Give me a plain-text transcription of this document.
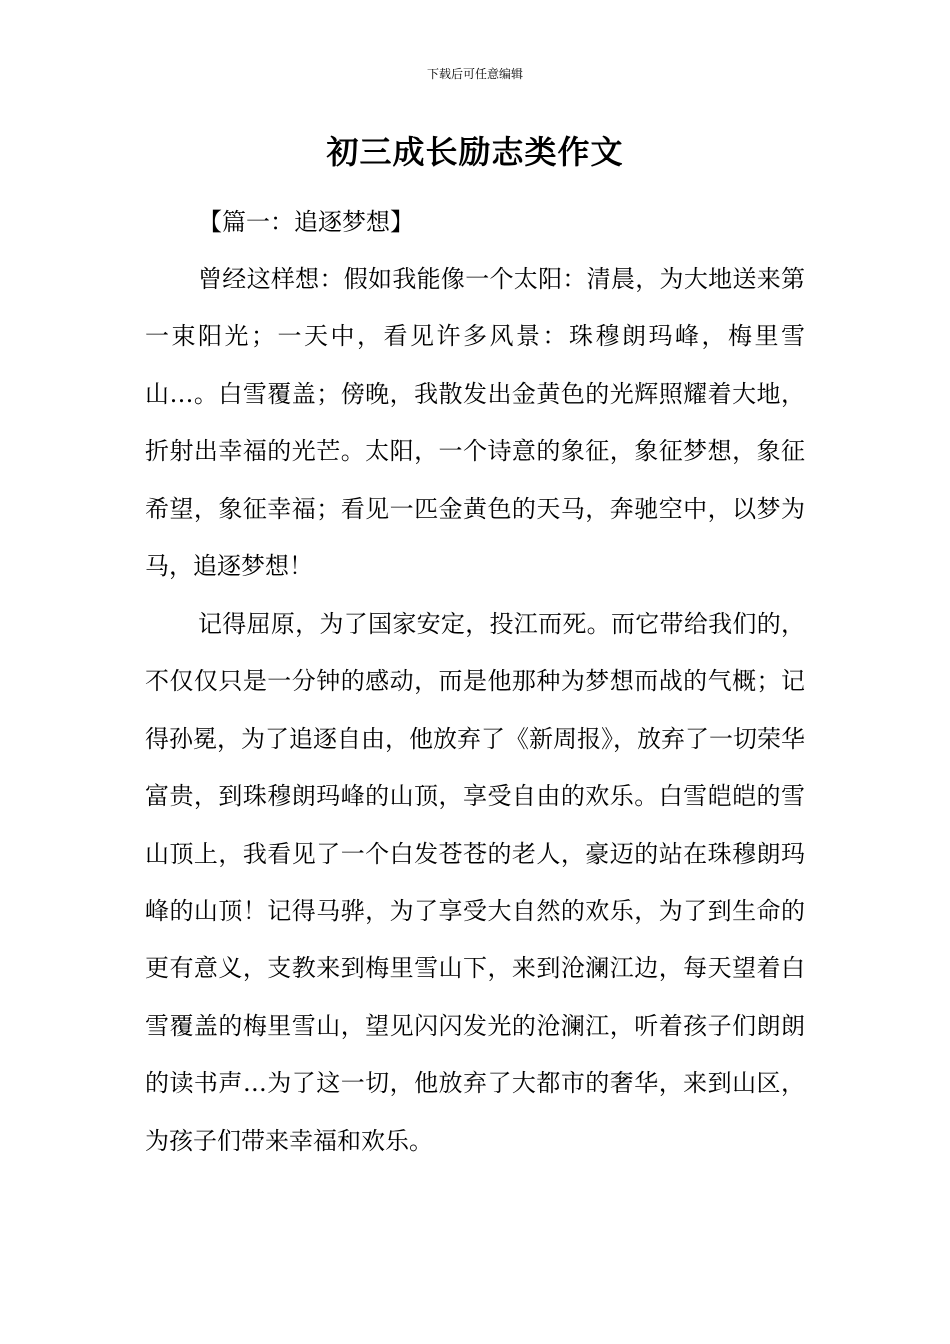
下载后可任意编辑
初三成长励志类作文
【篇一：追逐梦想】

曾经这样想：假如我能像一个太阳：清晨，为大地送来第一束阳光；一天中，看见许多风景：珠穆朗玛峰，梅里雪山…。白雪覆盖；傍晚，我散发出金黄色的光辉照耀着大地，折射出幸福的光芒。太阳，一个诗意的象征，象征梦想，象征希望，象征幸福；看见一匹金黄色的天马，奔驰空中，以梦为马，追逐梦想！

记得屈原，为了国家安定，投江而死。而它带给我们的，不仅仅只是一分钟的感动，而是他那种为梦想而战的气概；记得孙冕，为了追逐自由，他放弃了《新周报》，放弃了一切荣华富贵，到珠穆朗玛峰的山顶，享受自由的欢乐。白雪皑皑的雪山顶上，我看见了一个白发苍苍的老人，豪迈的站在珠穆朗玛峰的山顶！记得马骅，为了享受大自然的欢乐，为了到生命的更有意义，支教来到梅里雪山下，来到沧澜江边，每天望着白雪覆盖的梅里雪山，望见闪闪发光的沧澜江，听着孩子们朗朗的读书声…为了这一切，他放弃了大都市的奢华，来到山区，为孩子们带来幸福和欢乐。
